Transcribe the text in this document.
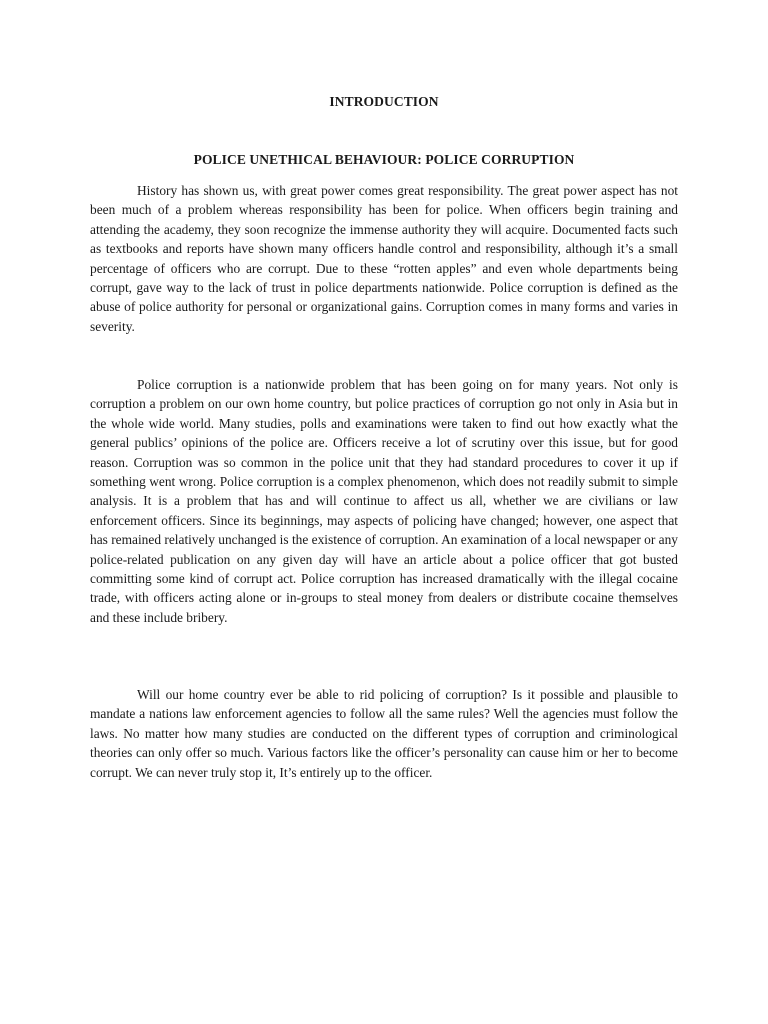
INTRODUCTION
POLICE UNETHICAL BEHAVIOUR: POLICE CORRUPTION

History has shown us, with great power comes great responsibility. The great power aspect has not been much of a problem whereas responsibility has been for police. When officers begin training and attending the academy, they soon recognize the immense authority they will acquire. Documented facts such as textbooks and reports have shown many officers handle control and responsibility, although it’s a small percentage of officers who are corrupt. Due to these “rotten apples” and even whole departments being corrupt, gave way to the lack of trust in police departments nationwide. Police corruption is defined as the abuse of police authority for personal or organizational gains. Corruption comes in many forms and varies in severity.

Police corruption is a nationwide problem that has been going on for many years. Not only is corruption a problem on our own home country, but police practices of corruption go not only in Asia but in the whole wide world. Many studies, polls and examinations were taken to find out how exactly what the general publics’ opinions of the police are. Officers receive a lot of scrutiny over this issue, but for good reason. Corruption was so common in the police unit that they had standard procedures to cover it up if something went wrong. Police corruption is a complex phenomenon, which does not readily submit to simple analysis. It is a problem that has and will continue to affect us all, whether we are civilians or law enforcement officers. Since its beginnings, may aspects of policing have changed; however, one aspect that has remained relatively unchanged is the existence of corruption. An examination of a local newspaper or any police-related publication on any given day will have an article about a police officer that got busted committing some kind of corrupt act. Police corruption has increased dramatically with the illegal cocaine trade, with officers acting alone or in-groups to steal money from dealers or distribute cocaine themselves and these include bribery.

Will our home country ever be able to rid policing of corruption? Is it possible and plausible to mandate a nations law enforcement agencies to follow all the same rules? Well the agencies must follow the laws. No matter how many studies are conducted on the different types of corruption and criminological theories can only offer so much. Various factors like the officer’s personality can cause him or her to become corrupt. We can never truly stop it, It’s entirely up to the officer.
